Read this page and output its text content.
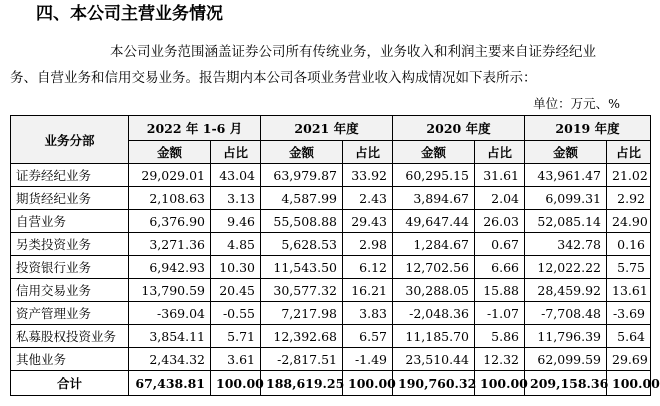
四、本公司主营业务情况
本公司业务范围涵盖证券公司所有传统业务，业务收入和利润主要来自证券经纪业
务、自营业务和信用交易业务。报告期内本公司各项业务营业收入构成情况如下表所示：
单位：万元、%
业务分部	2022 年 1-6 月		2021 年度		2020 年度		2019 年度	
	金额	占比	金额	占比	金额	占比	金额	占比
证券经纪业务	29,029.01	43.04	63,979.87	33.92	60,295.15	31.61	43,961.47	21.02
期货经纪业务	2,108.63	3.13	4,587.99	2.43	3,894.67	2.04	6,099.31	2.92
自营业务	6,376.90	9.46	55,508.88	29.43	49,647.44	26.03	52,085.14	24.90
另类投资业务	3,271.36	4.85	5,628.53	2.98	1,284.67	0.67	342.78	0.16
投资银行业务	6,942.93	10.30	11,543.50	6.12	12,702.56	6.66	12,022.22	5.75
信用交易业务	13,790.59	20.45	30,577.32	16.21	30,288.05	15.88	28,459.92	13.61
资产管理业务	-369.04	-0.55	7,217.98	3.83	-2,048.36	-1.07	-7,708.48	-3.69
私募股权投资业务	3,854.11	5.71	12,392.68	6.57	11,185.70	5.86	11,796.39	5.64
其他业务	2,434.32	3.61	-2,817.51	-1.49	23,510.44	12.32	62,099.59	29.69
合计	67,438.81	100.00	188,619.25	100.00	190,760.32	100.00	209,158.36	100.00
